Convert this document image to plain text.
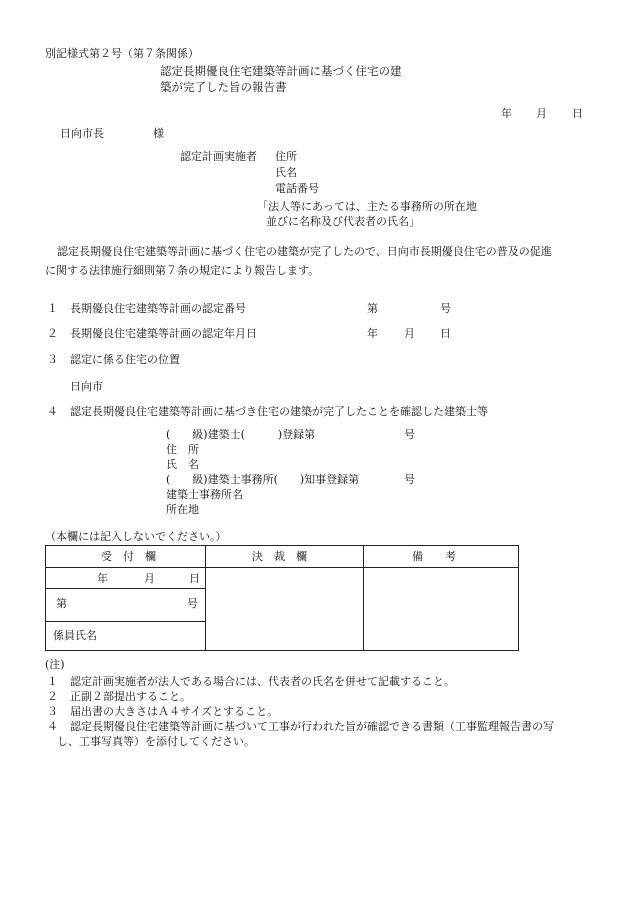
別記様式第２号（第７条関係）
認定長期優良住宅建築等計画に基づく住宅の建
築が完了した旨の報告書
年 月 日
日向市長	様
認定計画実施者 住所
氏名
電話番号
「法人等にあっては、主たる事務所の所在地
並びに名称及び代表者の氏名」
認定長期優良住宅建築等計画に基づく住宅の建築が完了したので、日向市長期優良住宅の普及の促進
に関する法律施行細則第７条の規定により報告します。
１ 長期優良住宅建築等計画の認定番号	第	号
２ 長期優良住宅建築等計画の認定年月日	年 月 日
３ 認定に係る住宅の位置
日向市
４ 認定長期優良住宅建築等計画に基づき住宅の建築が完了したことを確認した建築士等
(　　級)建築士(　　　)登録第	号
住　所
氏　名
(　　級)建築士事務所(　　)知事登録第	号
建築士事務所名
所在地
（本欄には記入しないでください。）
受　付　欄	決　裁　欄	備　　考
年	月	日
第	号
係員氏名
(注)
１ 認定計画実施者が法人である場合には、代表者の氏名を併せて記載すること。
２ 正副２部提出すること。
３ 届出書の大きさはＡ４サイズとすること。
４ 認定長期優良住宅建築等計画に基づいて工事が行われた旨が確認できる書類（工事監理報告書の写
し、工事写真等）を添付してください。
